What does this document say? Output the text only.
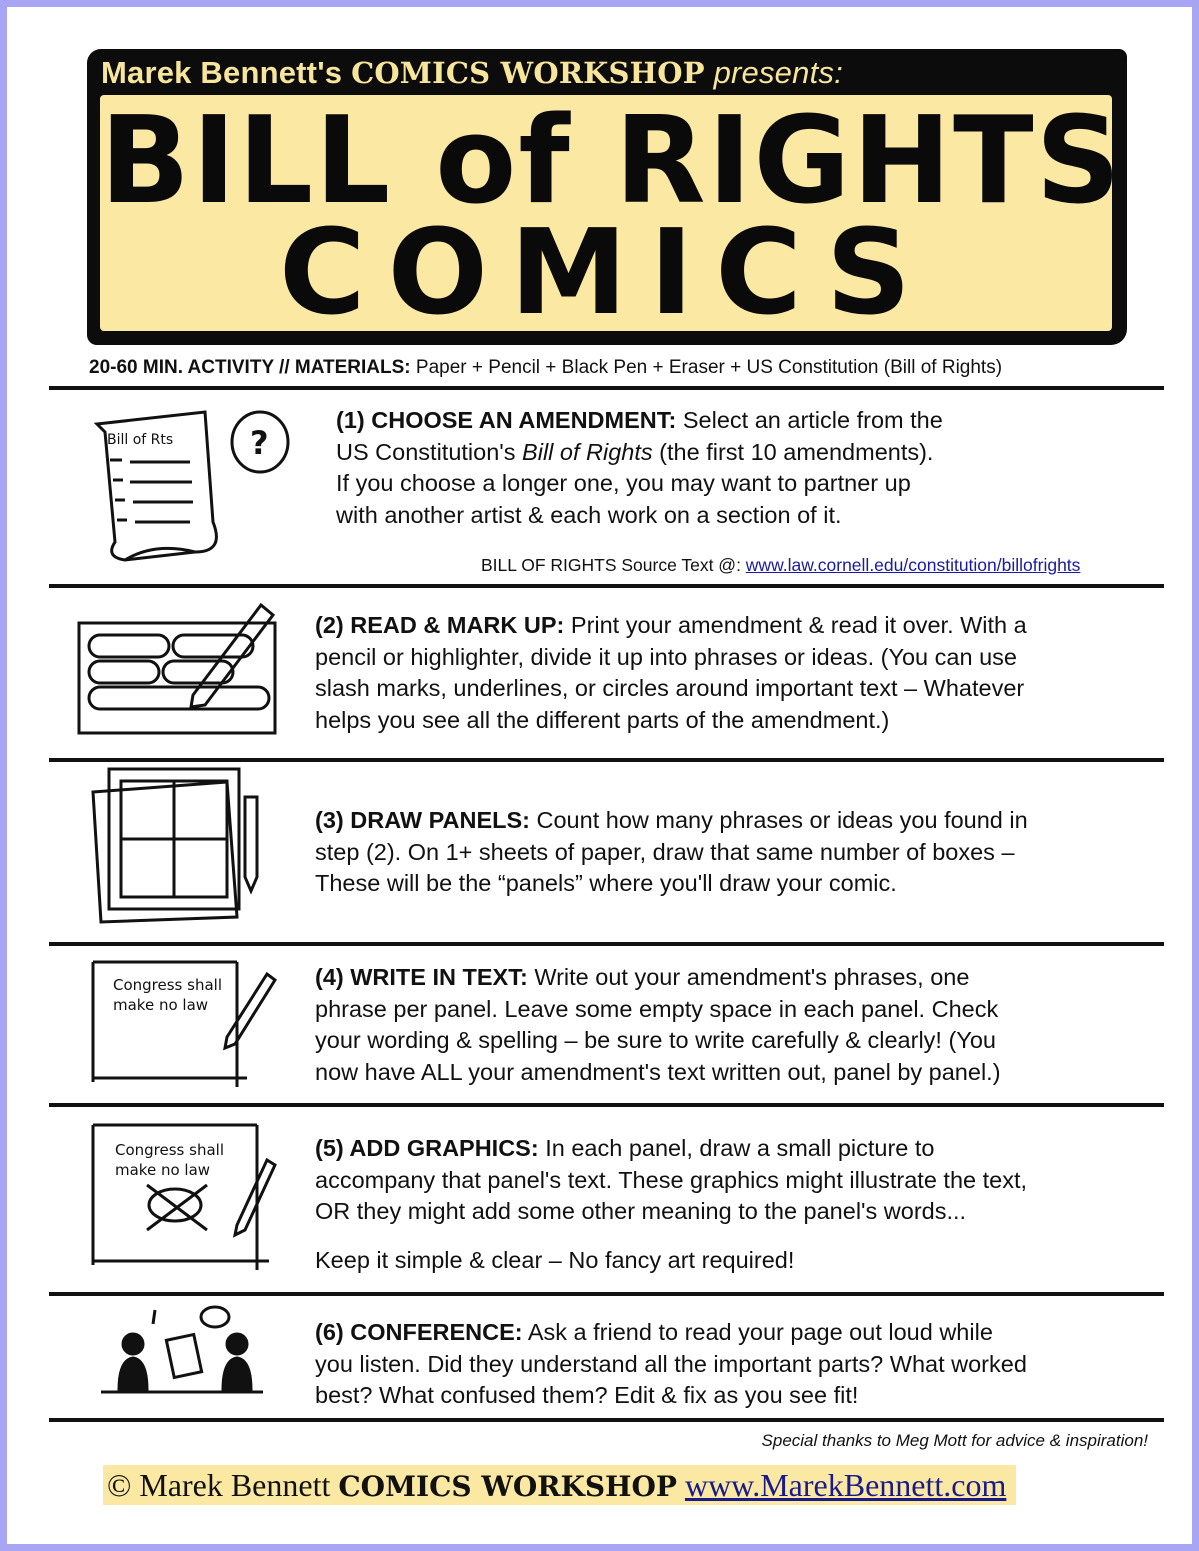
Marek Bennett's COMICS WORKSHOP presents:
BILL of RIGHTS
COMICS
20-60 MIN. ACTIVITY // MATERIALS: Paper + Pencil + Black Pen + Eraser + US Constitution (Bill of Rights)
Bill of Rts ?
(1) CHOOSE AN AMENDMENT: Select an article from the
US Constitution's Bill of Rights (the first 10 amendments).
If you choose a longer one, you may want to partner up
with another artist & each work on a section of it.
BILL OF RIGHTS Source Text @: www.law.cornell.edu/constitution/billofrights
(2) READ & MARK UP: Print your amendment & read it over. With a
pencil or highlighter, divide it up into phrases or ideas. (You can use
slash marks, underlines, or circles around important text – Whatever
helps you see all the different parts of the amendment.)
(3) DRAW PANELS: Count how many phrases or ideas you found in
step (2). On 1+ sheets of paper, draw that same number of boxes –
These will be the “panels” where you'll draw your comic.
Congress shall
make no law
(4) WRITE IN TEXT: Write out your amendment's phrases, one
phrase per panel. Leave some empty space in each panel. Check
your wording & spelling – be sure to write carefully & clearly! (You
now have ALL your amendment's text written out, panel by panel.)
Congress shall
make no law
(5) ADD GRAPHICS: In each panel, draw a small picture to
accompany that panel's text. These graphics might illustrate the text,
OR they might add some other meaning to the panel's words...
Keep it simple & clear – No fancy art required!
(6) CONFERENCE: Ask a friend to read your page out loud while
you listen. Did they understand all the important parts? What worked
best? What confused them? Edit & fix as you see fit!
Special thanks to Meg Mott for advice & inspiration!
© Marek Bennett COMICS WORKSHOP www.MarekBennett.com
